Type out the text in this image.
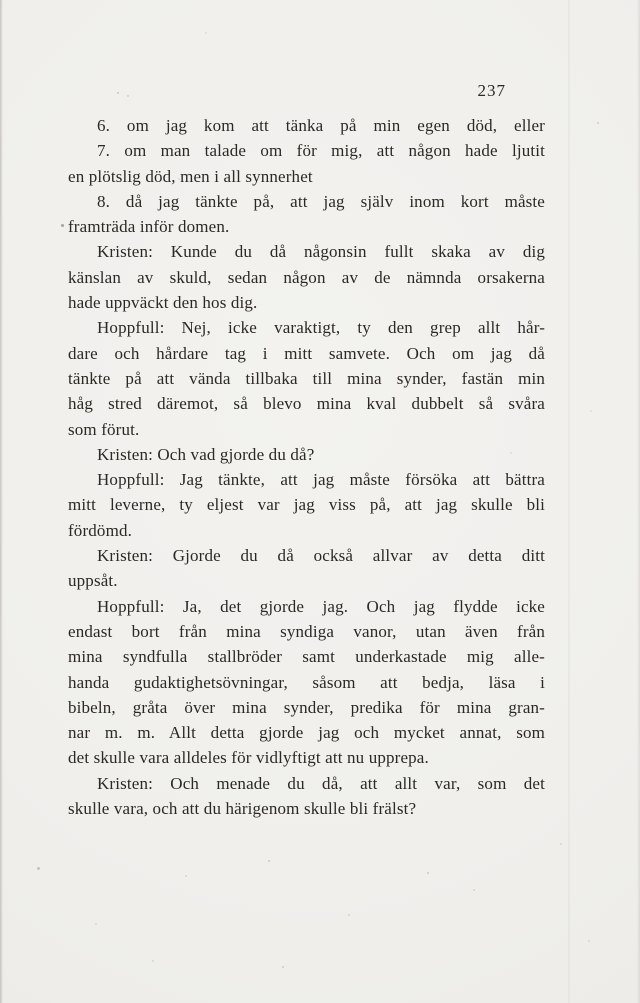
237
6. om jag kom att tänka på min egen död, eller
7. om man talade om för mig, att någon hade ljutit
en plötslig död, men i all synnerhet
8. då jag tänkte på, att jag själv inom kort måste
framträda inför domen.
Kristen: Kunde du då någonsin fullt skaka av dig
känslan av skuld, sedan någon av de nämnda orsakerna
hade uppväckt den hos dig.
Hoppfull: Nej, icke varaktigt, ty den grep allt hår-
dare och hårdare tag i mitt samvete. Och om jag då
tänkte på att vända tillbaka till mina synder, fastän min
håg stred däremot, så blevo mina kval dubbelt så svåra
som förut.
Kristen: Och vad gjorde du då?
Hoppfull: Jag tänkte, att jag måste försöka att bättra
mitt leverne, ty eljest var jag viss på, att jag skulle bli
fördömd.
Kristen: Gjorde du då också allvar av detta ditt
uppsåt.
Hoppfull: Ja, det gjorde jag. Och jag flydde icke
endast bort från mina syndiga vanor, utan även från
mina syndfulla stallbröder samt underkastade mig alle-
handa gudaktighetsövningar, såsom att bedja, läsa i
bibeln, gråta över mina synder, predika för mina gran-
nar m. m. Allt detta gjorde jag och mycket annat, som
det skulle vara alldeles för vidlyftigt att nu upprepa.
Kristen: Och menade du då, att allt var, som det
skulle vara, och att du härigenom skulle bli frälst?
